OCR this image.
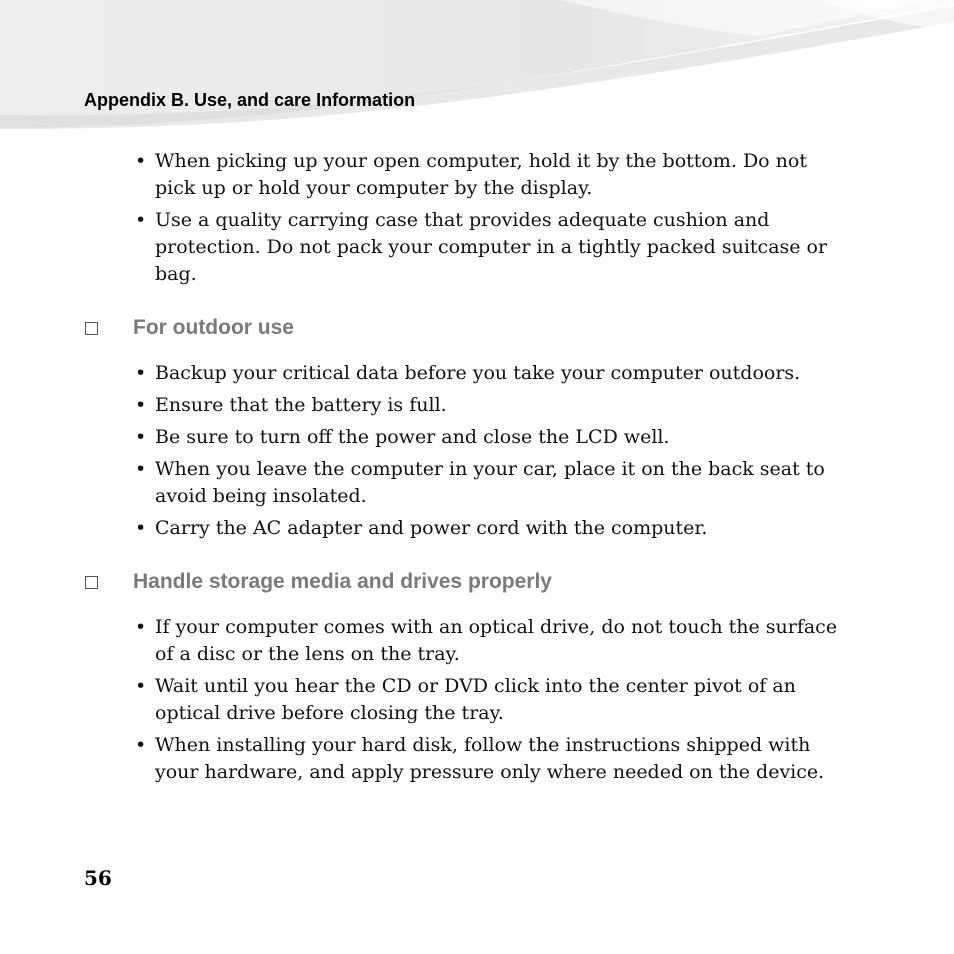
Appendix B. Use, and care Information
• When picking up your open computer, hold it by the bottom. Do not pick up or hold your computer by the display.
• Use a quality carrying case that provides adequate cushion and protection. Do not pack your computer in a tightly packed suitcase or bag.
For outdoor use
• Backup your critical data before you take your computer outdoors.
• Ensure that the battery is full.
• Be sure to turn off the power and close the LCD well.
• When you leave the computer in your car, place it on the back seat to avoid being insolated.
• Carry the AC adapter and power cord with the computer.
Handle storage media and drives properly
• If your computer comes with an optical drive, do not touch the surface of a disc or the lens on the tray.
• Wait until you hear the CD or DVD click into the center pivot of an optical drive before closing the tray.
• When installing your hard disk, follow the instructions shipped with your hardware, and apply pressure only where needed on the device.
56
